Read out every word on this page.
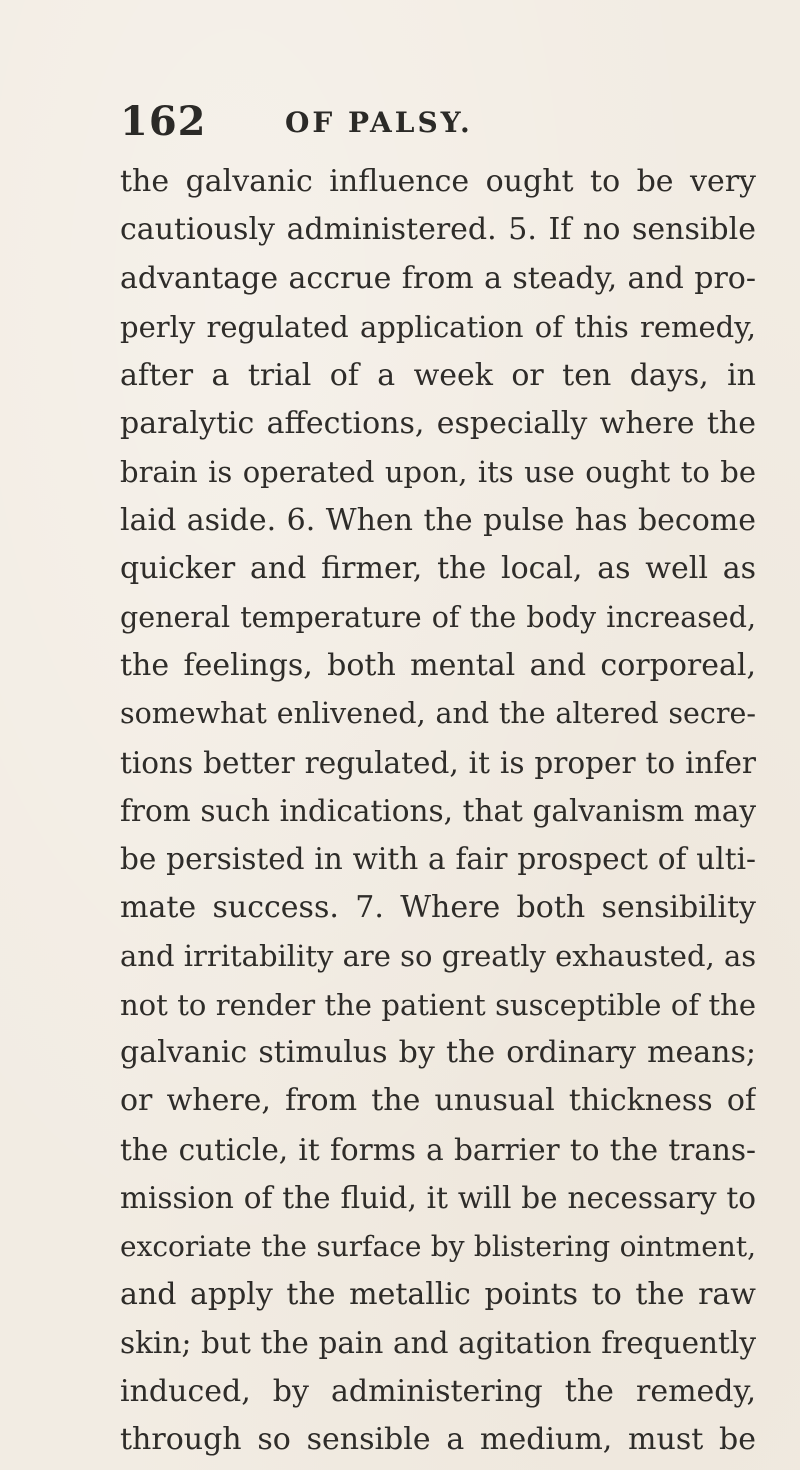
162	OF PALSY.
the galvanic influence ought to be very
cautiously administered. 5. If no sensible
advantage accrue from a steady, and pro-
perly regulated application of this remedy,
after a trial of a week or ten days, in
paralytic affections, especially where the
brain is operated upon, its use ought to be
laid aside. 6. When the pulse has become
quicker and firmer, the local, as well as
general temperature of the body increased,
the feelings, both mental and corporeal,
somewhat enlivened, and the altered secre-
tions better regulated, it is proper to infer
from such indications, that galvanism may
be persisted in with a fair prospect of ulti-
mate success. 7. Where both sensibility
and irritability are so greatly exhausted, as
not to render the patient susceptible of the
galvanic stimulus by the ordinary means;
or where, from the unusual thickness of
the cuticle, it forms a barrier to the trans-
mission of the fluid, it will be necessary to
excoriate the surface by blistering ointment,
and apply the metallic points to the raw
skin; but the pain and agitation frequently
induced, by administering the remedy,
through so sensible a medium, must be
